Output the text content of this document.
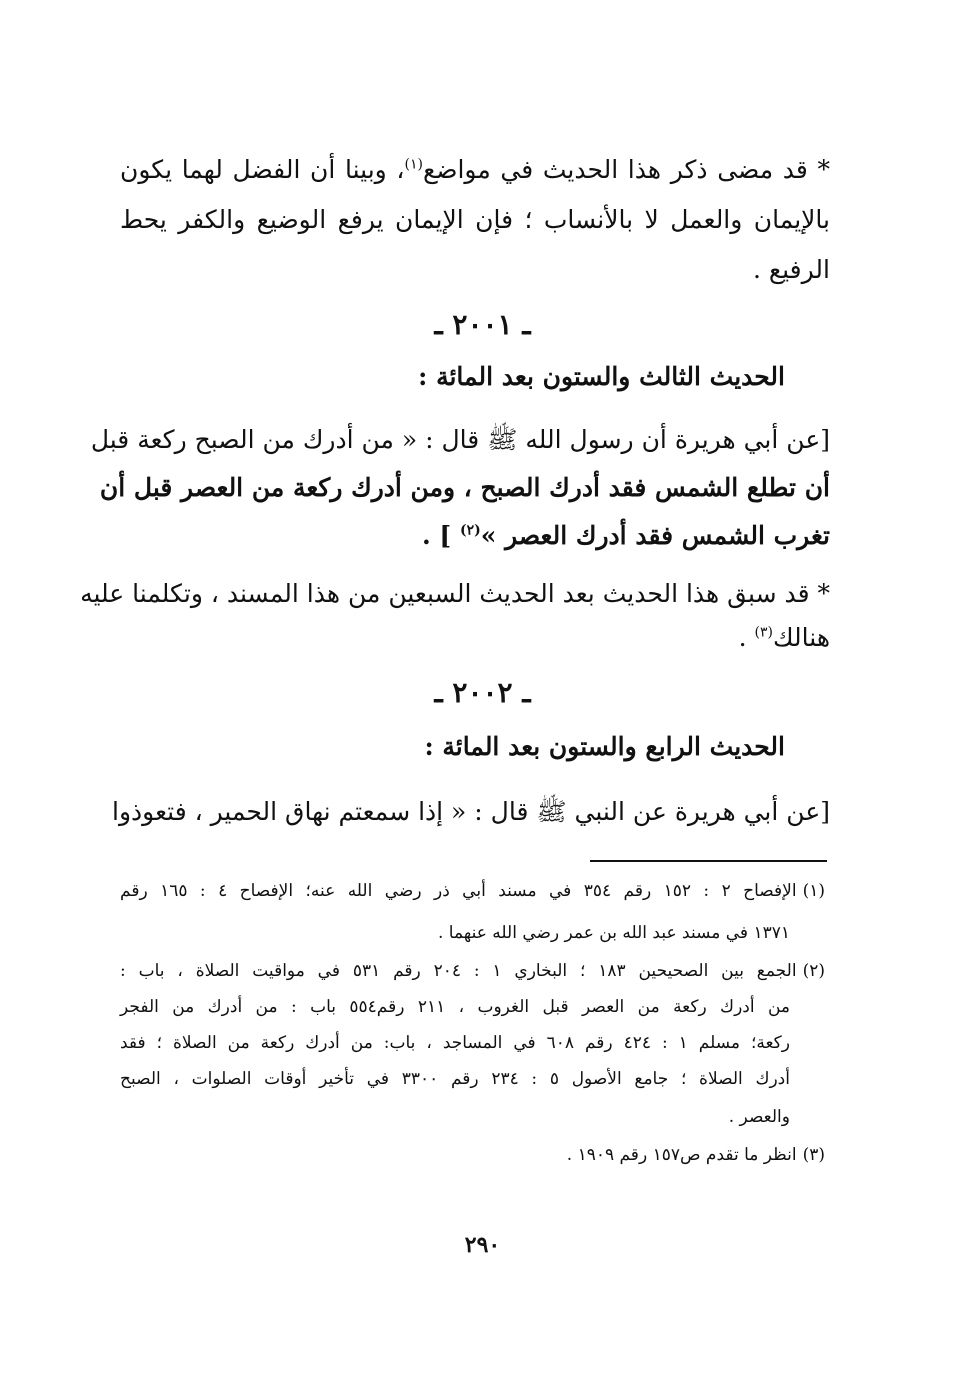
* قد مضى ذكر هذا الحديث في مواضع$^{(١)}$، وبينا أن الفضل لهما يكون
بالإيمان والعمل لا بالأنساب ؛ فإن الإيمان يرفع الوضيع والكفر يحط
الرفيع .
ـ ٢٠٠١ ـ
الحديث الثالث والستون بعد المائة :
[عن أبي هريرة أن رسول الله ﷺ قال : « من أدرك من الصبح ركعة قبل
أن تطلع الشمس فقد أدرك الصبح ، ومن أدرك ركعة من العصر قبل أن
تغرب الشمس فقد أدرك العصر »$^{(٢)}$ ] .
* قد سبق هذا الحديث بعد الحديث السبعين من هذا المسند ، وتكلمنا عليه
هنالك$^{(٣)}$ .
ـ ٢٠٠٢ ـ
الحديث الرابع والستون بعد المائة :
[عن أبي هريرة عن النبي ﷺ قال : « إذا سمعتم نهاق الحمير ، فتعوذوا
(١)الإفصاح ٢ : ١٥٢ رقم ٣٥٤ في مسند أبي ذر رضي الله عنه؛ الإفصاح ٤ : ١٦٥ رقم
١٣٧١ في مسند عبد الله بن عمر رضي الله عنهما .
(٢)الجمع بين الصحيحين ١٨٣ ؛ البخاري ١ : ٢٠٤ رقم ٥٣١ في مواقيت الصلاة ، باب :
من أدرك ركعة من العصر قبل الغروب ، ٢١١ رقم٥٥٤ باب : من أدرك من الفجر
ركعة؛ مسلم ١ : ٤٢٤ رقم ٦٠٨ في المساجد ، باب: من أدرك ركعة من الصلاة ؛ فقد
أدرك الصلاة ؛ جامع الأصول ٥ : ٢٣٤ رقم ٣٣٠٠ في تأخير أوقات الصلوات ، الصبح
والعصر .
(٣)انظر ما تقدم ص١٥٧ رقم ١٩٠٩ .
٢٩٠
